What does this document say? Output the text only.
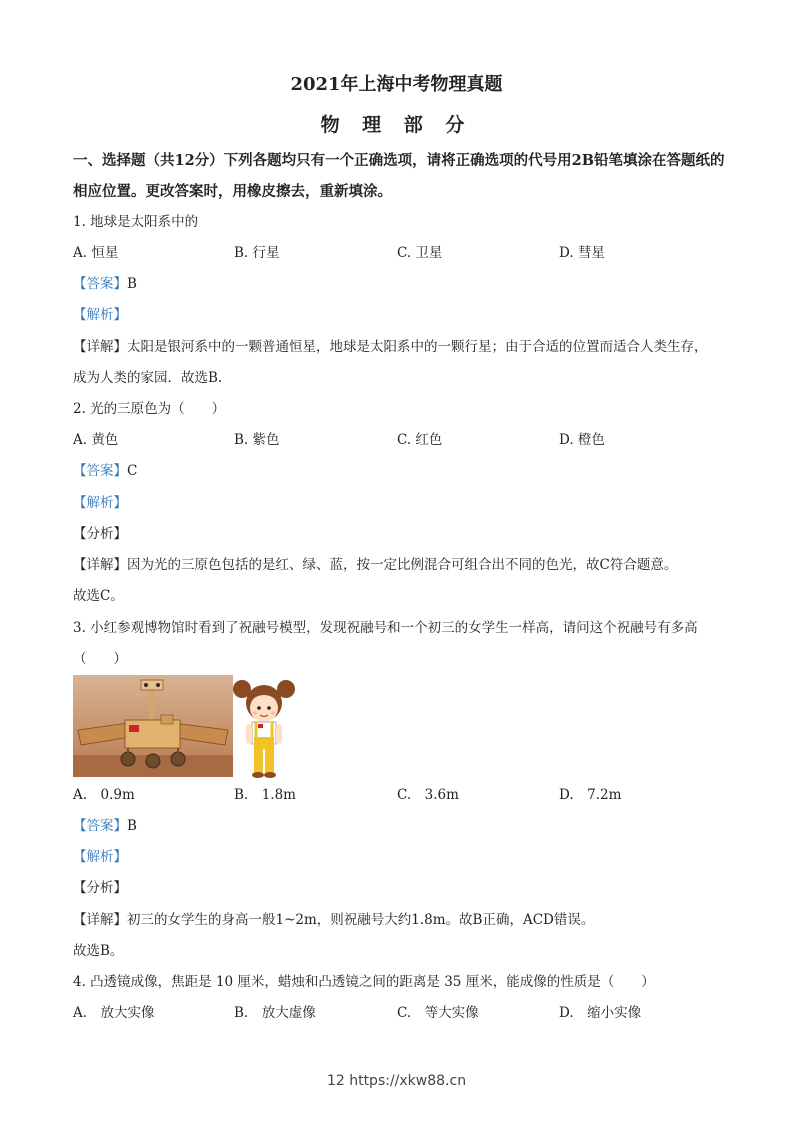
2021年上海中考物理真题
物 理 部 分
一、选择题（共12分）下列各题均只有一个正确选项，请将正确选项的代号用2B铅笔填涂在答题纸的相应位置。更改答案时，用橡皮擦去，重新填涂。
1. 地球是太阳系中的
A. 恒星	B. 行星	C. 卫星	D. 彗星
【答案】B
【解析】
【详解】太阳是银河系中的一颗普通恒星，地球是太阳系中的一颗行星；由于合适的位置而适合人类生存，
成为人类的家园．故选B.
2. 光的三原色为（　　）
A. 黄色	B. 紫色	C. 红色	D. 橙色
【答案】C
【解析】
【分析】
【详解】因为光的三原色包括的是红、绿、蓝，按一定比例混合可组合出不同的色光，故C符合题意。
故选C。
3. 小红参观博物馆时看到了祝融号模型，发现祝融号和一个初三的女学生一样高，请问这个祝融号有多高
（　　）
A.　0.9m	B.　1.8m	C.　3.6m	D.　7.2m
【答案】B
【解析】
【分析】
【详解】初三的女学生的身高一般1~2m，则祝融号大约1.8m。故B正确，ACD错误。
故选B。
4. 凸透镜成像，焦距是 10 厘米，蜡烛和凸透镜之间的距离是 35 厘米，能成像的性质是（　　）
A.　放大实像	B.　放大虚像	C.　等大实像	D.　缩小实像
12 https://xkw88.cn
